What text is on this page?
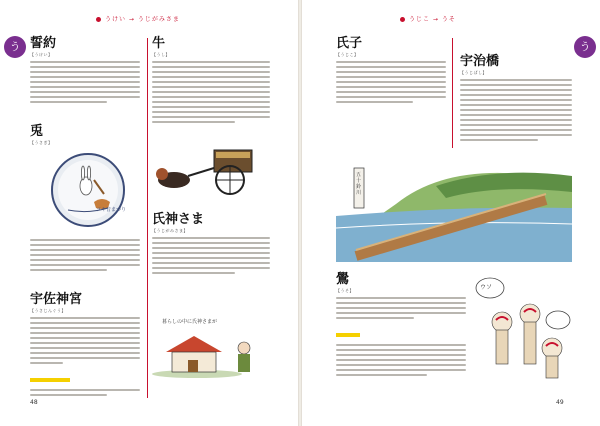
うけい → うじがみさま
う 誓約
【うけい】
兎
【うさぎ】
ツキ音まつり
宇佐神宮
【うさじんぐう】
牛
【うし】
氏神さま
【うじがみさま】
暮らしの中に氏神さまが
48
うじこ → うそ
う
氏子
【うじこ】	宇治橋
【うじばし】
五十鈴川
鷽
【うそ】	ウソ
49
